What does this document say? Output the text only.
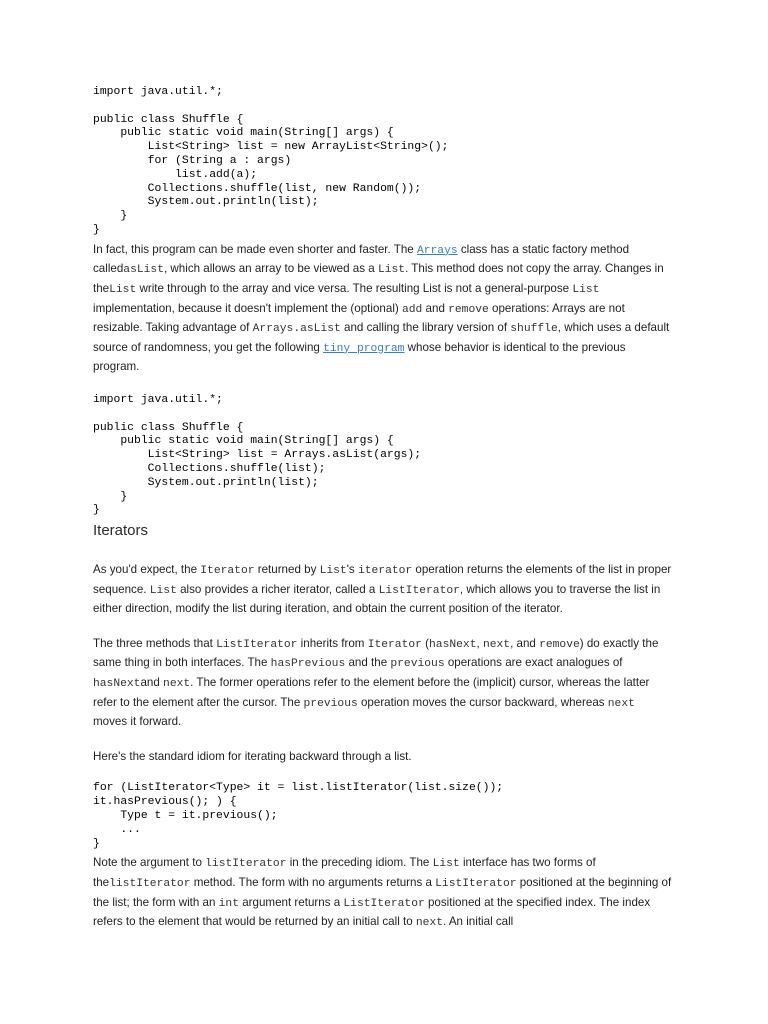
import java.util.*;

public class Shuffle {
public static void main(String[] args) {
List<String> list = new ArrayList<String>();
for (String a : args)
list.add(a);
Collections.shuffle(list, new Random());
System.out.println(list);
}
}

In fact, this program can be made even shorter and faster. The Arrays class has a static factory method calledasList, which allows an array to be viewed as a List. This method does not copy the array. Changes in theList write through to the array and vice versa. The resulting List is not a general-purpose List implementation, because it doesn't implement the (optional) add and remove operations: Arrays are not resizable. Taking advantage of Arrays.asList and calling the library version of shuffle, which uses a default source of randomness, you get the following tiny program whose behavior is identical to the previous program.

import java.util.*;

public class Shuffle {
public static void main(String[] args) {
List<String> list = Arrays.asList(args);
Collections.shuffle(list);
System.out.println(list);
}
}
Iterators

As you'd expect, the Iterator returned by List's iterator operation returns the elements of the list in proper sequence. List also provides a richer iterator, called a ListIterator, which allows you to traverse the list in either direction, modify the list during iteration, and obtain the current position of the iterator.

The three methods that ListIterator inherits from Iterator (hasNext, next, and remove) do exactly the same thing in both interfaces. The hasPrevious and the previous operations are exact analogues of hasNextand next. The former operations refer to the element before the (implicit) cursor, whereas the latter refer to the element after the cursor. The previous operation moves the cursor backward, whereas next moves it forward.

Here's the standard idiom for iterating backward through a list.

for (ListIterator<Type> it = list.listIterator(list.size());
it.hasPrevious(); ) {
Type t = it.previous();
...
}

Note the argument to listIterator in the preceding idiom. The List interface has two forms of thelistIterator method. The form with no arguments returns a ListIterator positioned at the beginning of the list; the form with an int argument returns a ListIterator positioned at the specified index. The index refers to the element that would be returned by an initial call to next. An initial call
